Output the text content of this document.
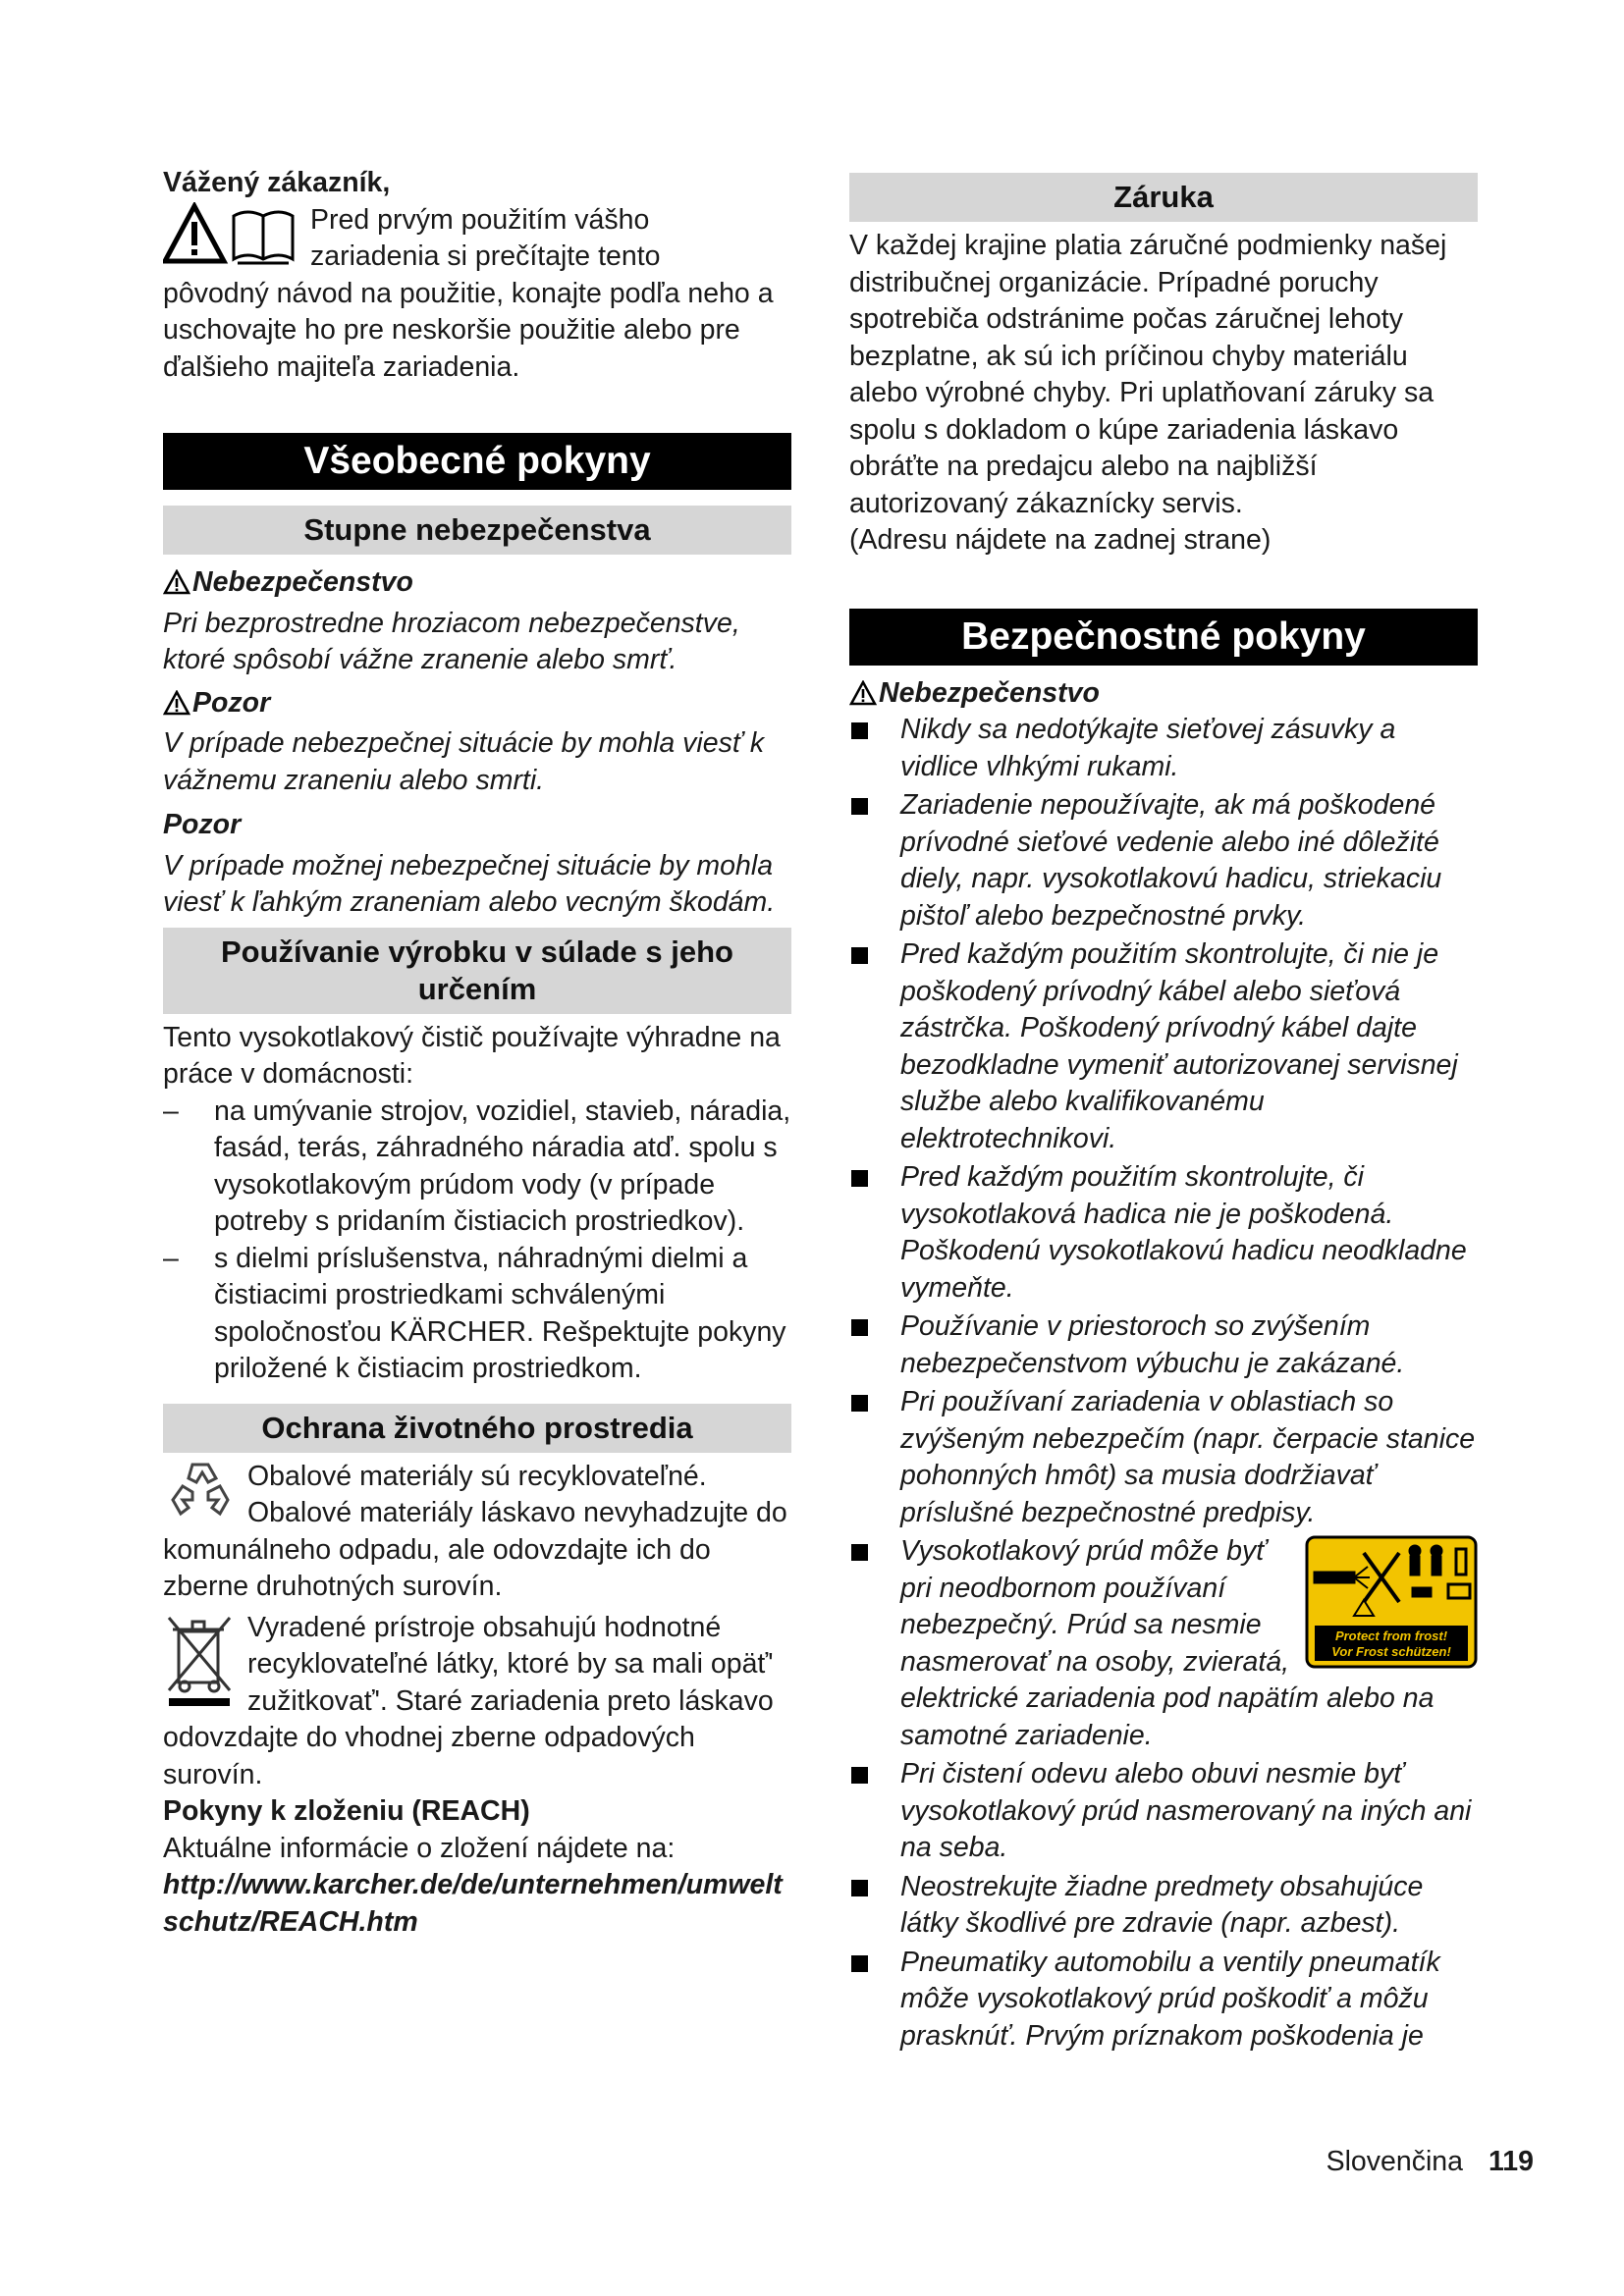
Vážený zákazník,

Pred prvým použitím vášho

zariadenia si prečítajte tento

pôvodný návod na použitie, konajte podľa neho a uschovajte ho pre neskoršie použitie alebo pre ďalšieho majiteľa zariadenia.

Všeobecné pokyny
Stupne nebezpečenstva

Nebezpečenstvo

Pri bezprostredne hroziacom nebezpečenstve, ktoré spôsobí vážne zranenie alebo smrť.

Pozor

V prípade nebezpečnej situácie by mohla viesť k vážnemu zraneniu alebo smrti.

Pozor

V prípade možnej nebezpečnej situácie by mohla viesť k ľahkým zraneniam alebo vecným škodám.

Používanie výrobku v súlade s jeho určením

Tento vysokotlakový čistič používajte výhradne na práce v domácnosti:

– na umývanie strojov, vozidiel, stavieb, náradia, fasád, terás, záhradného náradia atď. spolu s vysokotlakovým prúdom vody (v prípade potreby s pridaním čistiacich prostriedkov).
– s dielmi príslušenstva, náhradnými dielmi a čistiacimi prostriedkami schválenými spoločnosťou KÄRCHER. Rešpektujte pokyny priložené k čistiacim prostriedkom.
Ochrana životného prostredia

Obalové materiály sú recyklovateľné. Obalové materiály láskavo nevyhadzujte do komunálneho odpadu, ale odovzdajte ich do zberne druhotných surovín.

Vyradené prístroje obsahujú hodnotné recyklovateľné látky, ktoré by sa mali opäť' zužitkovať'. Staré zariadenia preto láskavo odovzdajte do vhodnej zberne odpadových surovín.

Pokyny k zloženiu (REACH)

Aktuálne informácie o zložení nájdete na:

http://www.karcher.de/de/unternehmen/umweltschutz/REACH.htm

Záruka

V každej krajine platia záručné podmienky našej distribučnej organizácie. Prípadné poruchy spotrebiča odstránime počas záručnej lehoty bezplatne, ak sú ich príčinou chyby materiálu alebo výrobné chyby. Pri uplatňovaní záruky sa spolu s dokladom o kúpe zariadenia láskavo obráťte na predajcu alebo na najbližší autorizovaný zákaznícky servis.

(Adresu nájdete na zadnej strane)

Bezpečnostné pokyny

Nebezpečenstvo

Nikdy sa nedotýkajte sieťovej zásuvky a vidlice vlhkými rukami.
Zariadenie nepoužívajte, ak má poškodené prívodné sieťové vedenie alebo iné dôležité diely, napr. vysokotlakovú hadicu, striekaciu pištoľ alebo bezpečnostné prvky.
Pred každým použitím skontrolujte, či nie je poškodený prívodný kábel alebo sieťová zástrčka. Poškodený prívodný kábel dajte bezodkladne vymeniť autorizovanej servisnej službe alebo kvalifikovanému elektrotechnikovi.
Pred každým použitím skontrolujte, či vysokotlaková hadica nie je poškodená. Poškodenú vysokotlakovú hadicu neodkladne vymeňte.
Používanie v priestoroch so zvýšením nebezpečenstvom výbuchu je zakázané.
Pri používaní zariadenia v oblastiach so zvýšeným nebezpečím (napr. čerpacie stanice pohonných hmôt) sa musia dodržiavať príslušné bezpečnostné predpisy.
Protect from frost!
Vor Frost schützen!
Vysokotlakový prúd môže byť pri neodbornom používaní nebezpečný. Prúd sa nesmie nasmerovať na osoby, zvieratá, elektrické zariadenia pod napätím alebo na samotné zariadenie.
Pri čistení odevu alebo obuvi nesmie byť vysokotlakový prúd nasmerovaný na iných ani na seba.
Neostrekujte žiadne predmety obsahujúce látky škodlivé pre zdravie (napr. azbest).
Pneumatiky automobilu a ventily pneumatík môže vysokotlakový prúd poškodiť a môžu prasknúť. Prvým príznakom poškodenia je
Slovenčina 119
